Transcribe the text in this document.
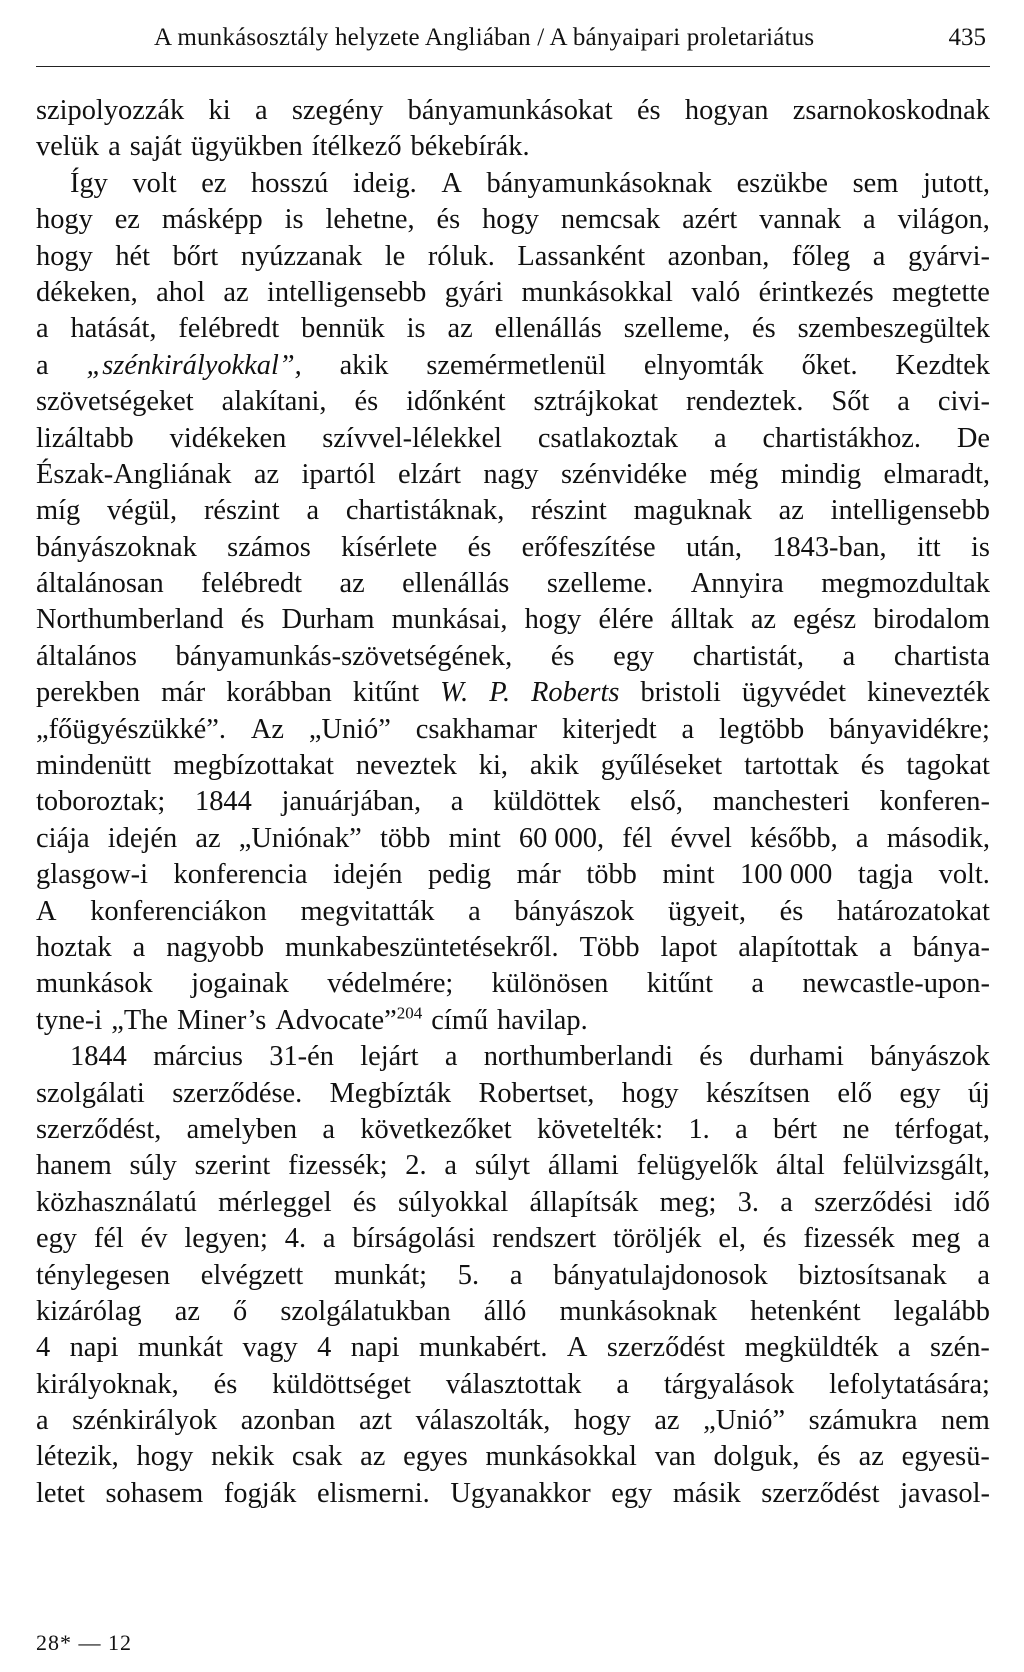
A munkásosztály helyzete Angliában / A bányaipari proletariátus	435
szipolyozzák ki a szegény bányamunkásokat és hogyan zsarnokoskodnak
velük a saját ügyükben ítélkező békebírák.
Így volt ez hosszú ideig. A bányamunkásoknak eszükbe sem jutott,
hogy ez másképp is lehetne, és hogy nemcsak azért vannak a világon,
hogy hét bőrt nyúzzanak le róluk. Lassanként azonban, főleg a gyárvi-
dékeken, ahol az intelligensebb gyári munkásokkal való érintkezés megtette
a hatását, felébredt bennük is az ellenállás szelleme, és szembeszegültek
a „szénkirályokkal”, akik szemérmetlenül elnyomták őket. Kezdtek
szövetségeket alakítani, és időnként sztrájkokat rendeztek. Sőt a civi-
lizáltabb vidékeken szívvel-lélekkel csatlakoztak a chartistákhoz. De
Észak-Angliának az ipartól elzárt nagy szénvidéke még mindig elmaradt,
míg végül, részint a chartistáknak, részint maguknak az intelligensebb
bányászoknak számos kísérlete és erőfeszítése után, 1843-ban, itt is
általánosan felébredt az ellenállás szelleme. Annyira megmozdultak
Northumberland és Durham munkásai, hogy élére álltak az egész birodalom
általános bányamunkás-szövetségének, és egy chartistát, a chartista
perekben már korábban kitűnt W. P. Roberts bristoli ügyvédet kinevezték
„főügyészükké”. Az „Unió” csakhamar kiterjedt a legtöbb bányavidékre;
mindenütt megbízottakat neveztek ki, akik gyűléseket tartottak és tagokat
toboroztak; 1844 januárjában, a küldöttek első, manchesteri konferen-
ciája idején az „Uniónak” több mint 60 000, fél évvel később, a második,
glasgow-i konferencia idején pedig már több mint 100 000 tagja volt.
A konferenciákon megvitatták a bányászok ügyeit, és határozatokat
hoztak a nagyobb munkabeszüntetésekről. Több lapot alapítottak a bánya-
munkások jogainak védelmére; különösen kitűnt a newcastle-upon-
tyne-i „The Miner’s Advocate”$^{204}$ című havilap.
1844 március 31-én lejárt a northumberlandi és durhami bányászok
szolgálati szerződése. Megbízták Robertset, hogy készítsen elő egy új
szerződést, amelyben a következőket követelték: 1. a bért ne térfogat,
hanem súly szerint fizessék; 2. a súlyt állami felügyelők által felülvizsgált,
közhasználatú mérleggel és súlyokkal állapítsák meg; 3. a szerződési idő
egy fél év legyen; 4. a bírságolási rendszert töröljék el, és fizessék meg a
ténylegesen elvégzett munkát; 5. a bányatulajdonosok biztosítsanak a
kizárólag az ő szolgálatukban álló munkásoknak hetenként legalább
4 napi munkát vagy 4 napi munkabért. A szerződést megküldték a szén-
királyoknak, és küldöttséget választottak a tárgyalások lefolytatására;
a szénkirályok azonban azt válaszolták, hogy az „Unió” számukra nem
létezik, hogy nekik csak az egyes munkásokkal van dolguk, és az egyesü-
letet sohasem fogják elismerni. Ugyanakkor egy másik szerződést javasol-
28* — 12
